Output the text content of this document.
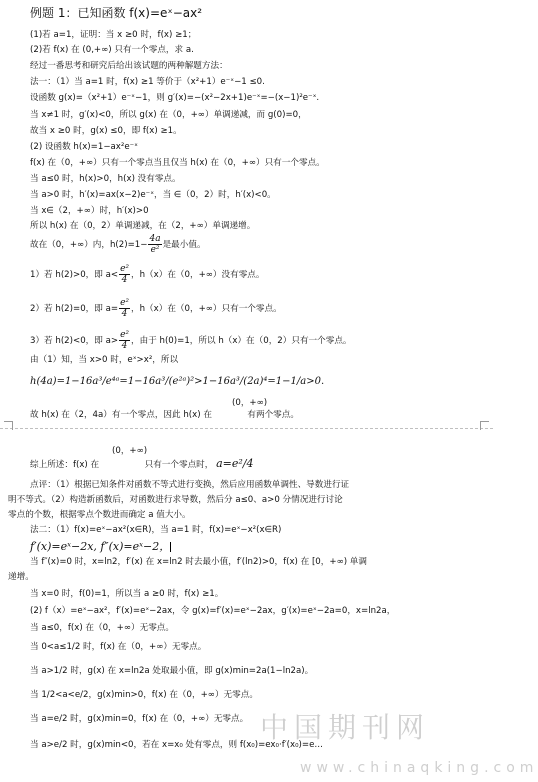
例题 1：已知函数 f(x)=eˣ−ax²
(1)若 a=1，证明：当 x ≥0 时，f(x) ≥1；
(2)若 f(x) 在 (0,+∞) 只有一个零点，求 a.
经过一番思考和研究后给出该试题的两种解题方法：
法一：（1）当 a=1 时，f(x) ≥1 等价于（x²+1）e⁻ˣ−1 ≤0.
设函数 g(x)=（x²+1）e⁻ˣ−1，则 g′(x)=−(x²−2x+1)e⁻ˣ=−(x−1)²e⁻ˣ.
当 x≠1 时，g′(x)<0，所以 g(x) 在（0，+∞）单调递减，而 g(0)=0，
故当 x ≥0 时，g(x) ≤0，即 f(x) ≥1。
(2) 设函数 h(x)=1−ax²e⁻ˣ
f(x) 在（0，+∞）只有一个零点当且仅当 h(x) 在（0，+∞）只有一个零点。
当 a≤0 时，h(x)>0，h(x) 没有零点。
当 a>0 时，h′(x)=ax(x−2)e⁻ˣ，当 ∈（0，2）时，h′(x)<0。
当 x∈（2，+∞）时，h′(x)>0
所以 h(x) 在（0，2）单调递减，在（2，+∞）单调递增。
故在（0，+∞）内，$h(2)=1- \frac{4a}{\text{e²}}$ 是最小值。
1）若 h(2)>0，即 $a< \frac{\text{e²}}{4}$ ，h（x）在（0，+∞）没有零点。
2）若 h(2)=0，即 $a= \frac{\text{e²}}{4}$ ，h（x）在（0，+∞）只有一个零点。
3）若 h(2)<0，即 $a> \frac{\text{e²}}{4}$ ，由于 h(0)=1，所以 h（x）在（0，2）只有一个零点。
由（1）知，当 x>0 时，eˣ>x²，所以
h(4a)=1−16a³/e⁴ᵃ=1−16a³/(e²ᵃ)²>1−16a³/(2a)⁴=1−1/a>0.
(0，+∞)
故 h(x) 在（2，4a）有一个零点，因此 h(x) 在	有两个零点。
(0，+∞)
综上所述：f(x) 在	只有一个零点时， a=e²/4
点评：（1）根据已知条件对函数不等式进行变换，然后应用函数单调性、导数进行证
明不等式。（2）构造新函数后，对函数进行求导数，然后分 a≤0、a>0 分情况进行讨论
零点的个数，根据零点个数进而确定 a 值大小。
法二：（1）f(x)=eˣ−ax²(x∈R)，当 a=1 时，f(x)=eˣ−x²(x∈R)
f′(x)=eˣ−2x, f″(x)=eˣ−2，
当 f″(x)=0 时，x=ln2，f′(x) 在 x=ln2 时去最小值，f′(ln2)>0，f(x) 在 [0，+∞) 单调
递增。
当 x=0 时，f(0)=1，所以当 a ≥0 时，f(x) ≥1。
(2) f（x）=eˣ−ax²，f′(x)=eˣ−2ax，令 g(x)=f′(x)=eˣ−2ax，g′(x)=eˣ−2a=0，x=ln2a，
当 a≤0，f(x) 在（0，+∞）无零点。
当 0<a≤1/2 时，f(x) 在（0，+∞）无零点。
当 a>1/2 时，g(x) 在 x=ln2a 处取最小值，即 g(x)min=2a(1−ln2a)。
当 1/2<a<e/2，g(x)min>0，f(x) 在（0，+∞）无零点。
当 a=e/2 时，g(x)min=0，f(x) 在（0，+∞）无零点。
当 a>e/2 时，g(x)min<0，若在 x=x₀ 处有零点，则 f(x₀)=ex₀·f′(x₀)=e…
中国期刊网
www.chinaqking.com
